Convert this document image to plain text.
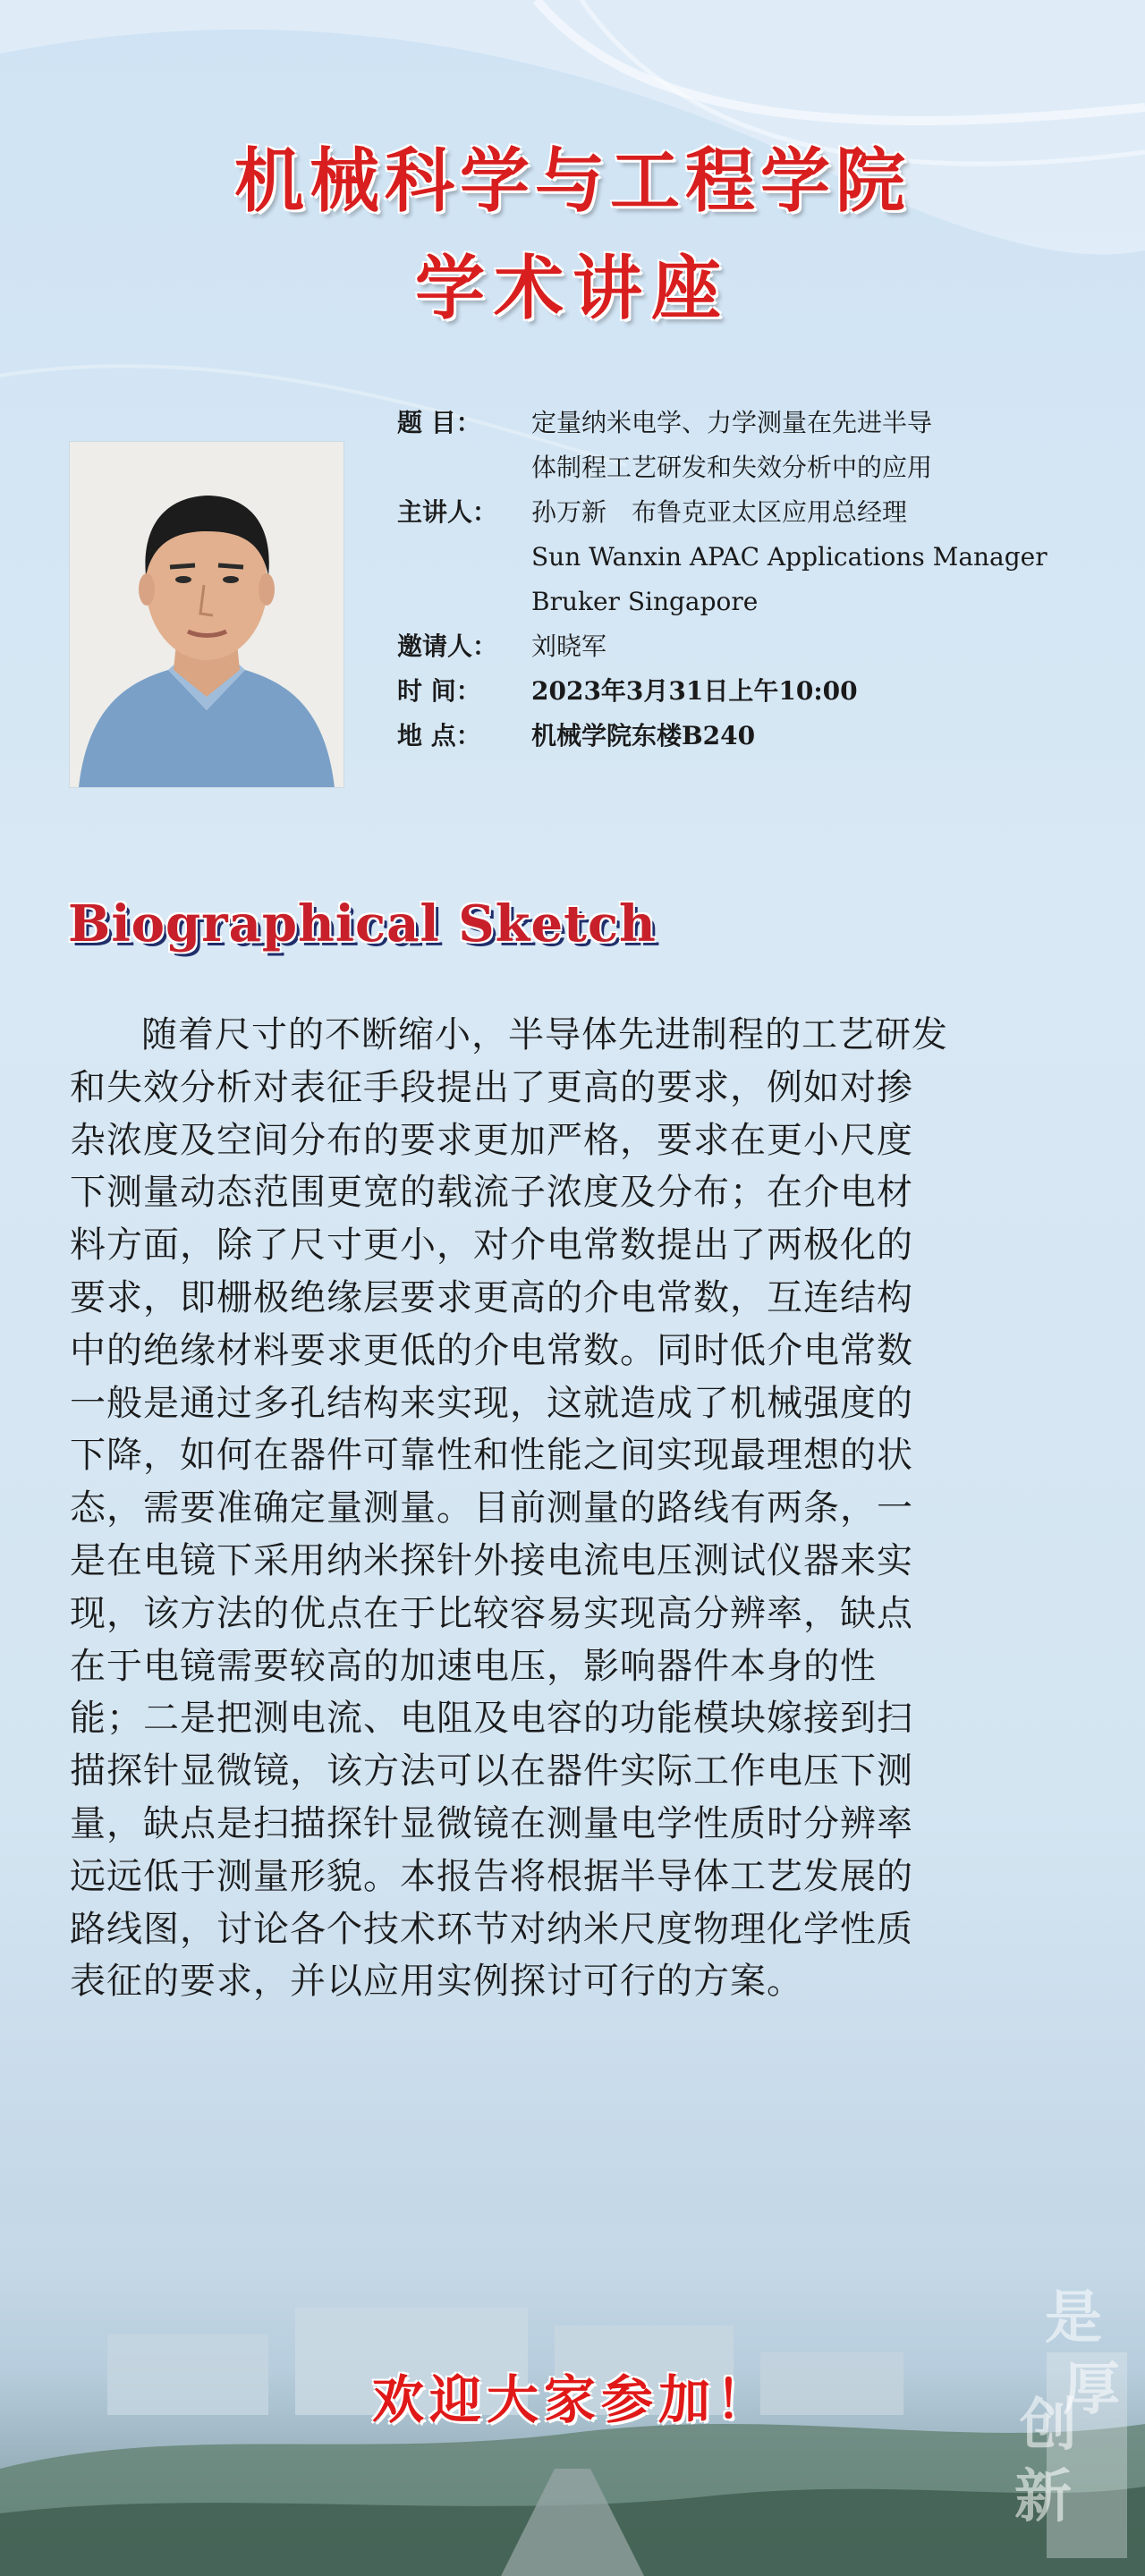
机械科学与工程学院
学术讲座
题 目：	定量纳米电学、力学测量在先进半导
体制程工艺研发和失效分析中的应用
主讲人：	孙万新　布鲁克亚太区应用总经理
Sun Wanxin APAC Applications Manager
Bruker Singapore
邀请人：	刘晓军
时 间：	2023年3月31日上午10:00
地 点：	机械学院东楼B240
Biographical Sketch
随着尺寸的不断缩小，半导体先进制程的工艺研发
和失效分析对表征手段提出了更高的要求，例如对掺
杂浓度及空间分布的要求更加严格，要求在更小尺度
下测量动态范围更宽的载流子浓度及分布；在介电材
料方面，除了尺寸更小，对介电常数提出了两极化的
要求，即栅极绝缘层要求更高的介电常数，互连结构
中的绝缘材料要求更低的介电常数。同时低介电常数
一般是通过多孔结构来实现，这就造成了机械强度的
下降，如何在器件可靠性和性能之间实现最理想的状
态，需要准确定量测量。目前测量的路线有两条，一
是在电镜下采用纳米探针外接电流电压测试仪器来实
现，该方法的优点在于比较容易实现高分辨率，缺点
在于电镜需要较高的加速电压，影响器件本身的性
能；二是把测电流、电阻及电容的功能模块嫁接到扫
描探针显微镜，该方法可以在器件实际工作电压下测
量，缺点是扫描探针显微镜在测量电学性质时分辨率
远远低于测量形貌。本报告将根据半导体工艺发展的
路线图，讨论各个技术环节对纳米尺度物理化学性质
表征的要求，并以应用实例探讨可行的方案。
欢迎大家参加！
是
厚
创
新
